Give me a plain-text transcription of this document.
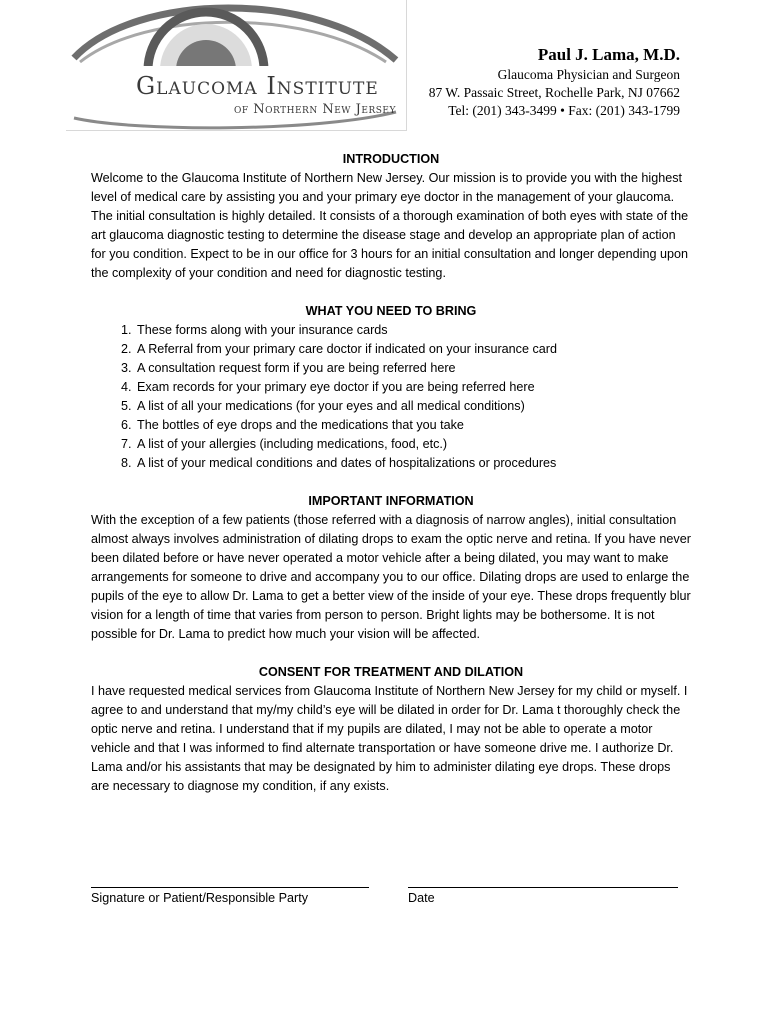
Glaucoma Institute
of Northern New Jersey
Paul J. Lama, M.D.
Glaucoma Physician and Surgeon
87 W. Passaic Street, Rochelle Park, NJ 07662
Tel: (201) 343-3499 • Fax: (201) 343-1799
INTRODUCTION

Welcome to the Glaucoma Institute of Northern New Jersey. Our mission is to provide you with the highest level of medical care by assisting you and your primary eye doctor in the management of your glaucoma. The initial consultation is highly detailed. It consists of a thorough examination of both eyes with state of the art glaucoma diagnostic testing to determine the disease stage and develop an appropriate plan of action for you condition. Expect to be in our office for 3 hours for an initial consultation and longer depending upon the complexity of your condition and need for diagnostic testing.

WHAT YOU NEED TO BRING
1. These forms along with your insurance cards
2. A Referral from your primary care doctor if indicated on your insurance card
3. A consultation request form if you are being referred here
4. Exam records for your primary eye doctor if you are being referred here
5. A list of all your medications (for your eyes and all medical conditions)
6. The bottles of eye drops and the medications that you take
7. A list of your allergies (including medications, food, etc.)
8. A list of your medical conditions and dates of hospitalizations or procedures
IMPORTANT INFORMATION

With the exception of a few patients (those referred with a diagnosis of narrow angles), initial consultation almost always involves administration of dilating drops to exam the optic nerve and retina. If you have never been dilated before or have never operated a motor vehicle after a being dilated, you may want to make arrangements for someone to drive and accompany you to our office. Dilating drops are used to enlarge the pupils of the eye to allow Dr. Lama to get a better view of the inside of your eye. These drops frequently blur vision for a length of time that varies from person to person. Bright lights may be bothersome. It is not possible for Dr. Lama to predict how much your vision will be affected.

CONSENT FOR TREATMENT AND DILATION

I have requested medical services from Glaucoma Institute of Northern New Jersey for my child or myself. I agree to and understand that my/my child’s eye will be dilated in order for Dr. Lama t thoroughly check the optic nerve and retina. I understand that if my pupils are dilated, I may not be able to operate a motor vehicle and that I was informed to find alternate transportation or have someone drive me. I authorize Dr. Lama and/or his assistants that may be designated by him to administer dilating eye drops. These drops are necessary to diagnose my condition, if any exists.

Signature or Patient/Responsible Party	Date
